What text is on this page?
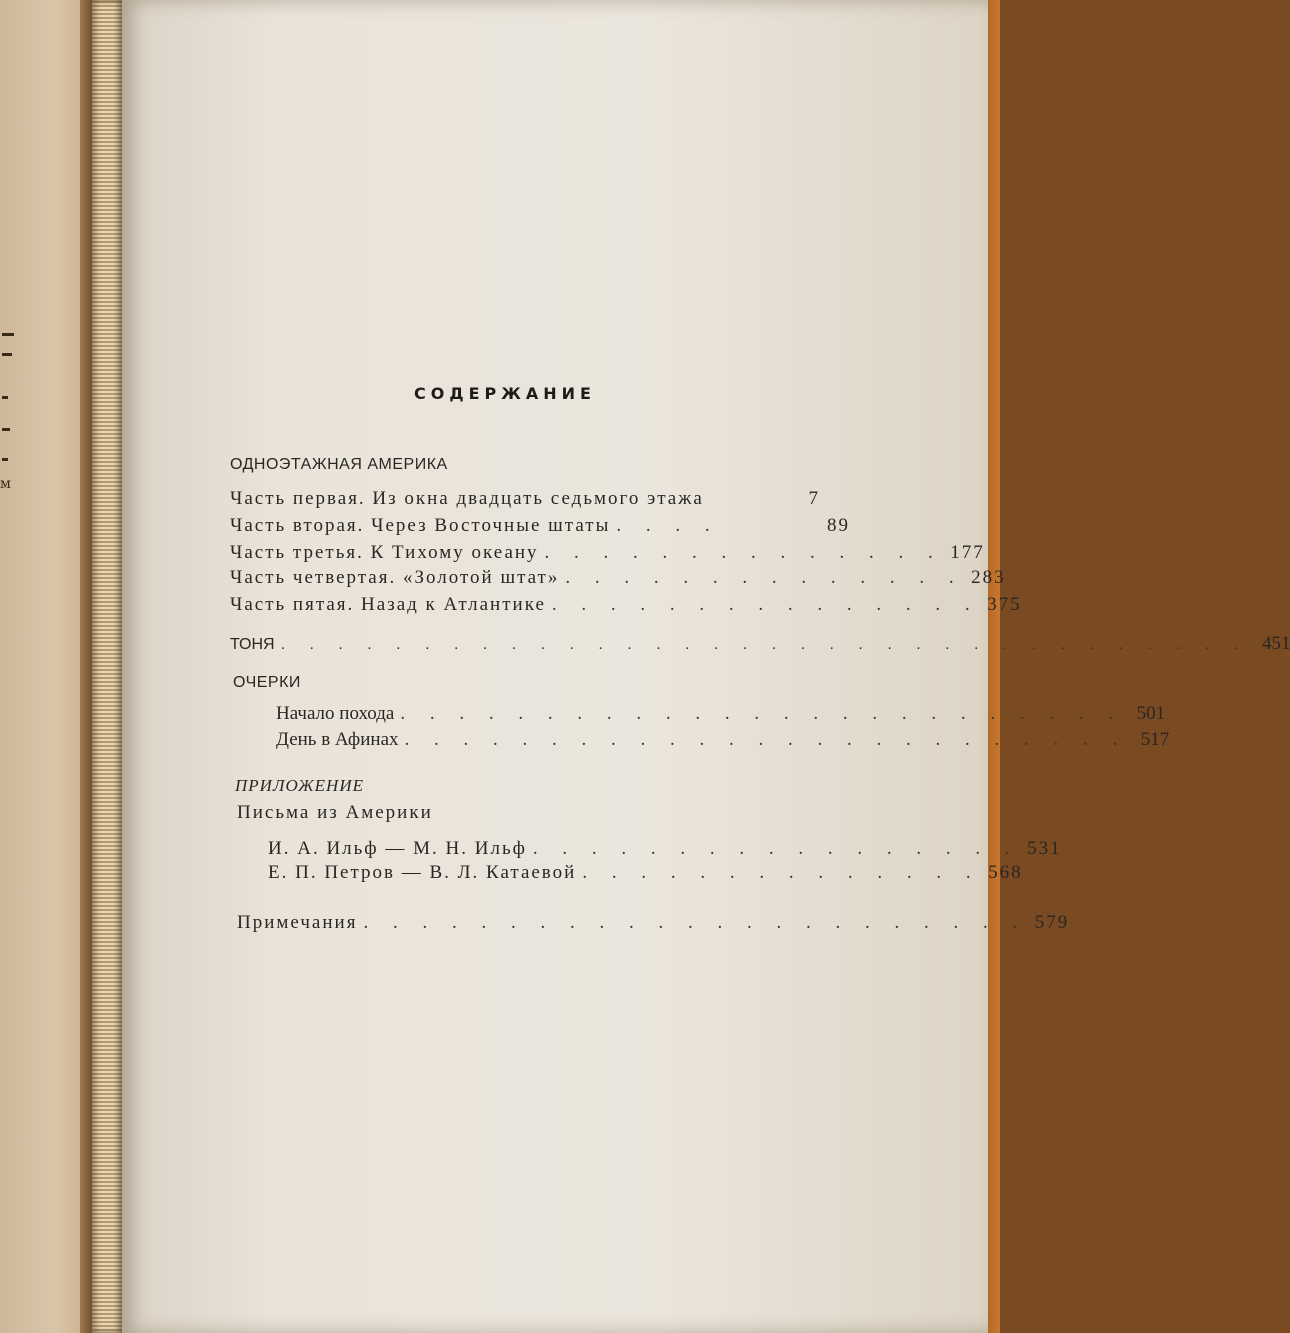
м
СОДЕРЖАНИЕ
ОДНОЭТАЖНАЯ АМЕРИКА
Часть первая. Из окна двадцать седьмого этажа	7
Часть вторая. Через Восточные штаты . . . .	89
Часть третья. К Тихому океану . . . . . . . . . . . . . . 177
Часть четвертая. «Золотой штат» . . . . . . . . . . . . . . 283
Часть пятая. Назад к Атлантике . . . . . . . . . . . . . . . 375
ТОНЯ . . . . . . . . . . . . . . . . . . . . . . . . . . . . . . . . . . 451
ОЧЕРКИ
Начало похода . . . . . . . . . . . . . . . . . . . . . . . . . 501
День в Афинах . . . . . . . . . . . . . . . . . . . . . . . . . 517
ПРИЛОЖЕНИЕ
Письма из Америки
И. А. Ильф — М. Н. Ильф . . . . . . . . . . . . . . . . . 531
Е. П. Петров — В. Л. Катаевой . . . . . . . . . . . . . . 568
Примечания . . . . . . . . . . . . . . . . . . . . . . . 579
